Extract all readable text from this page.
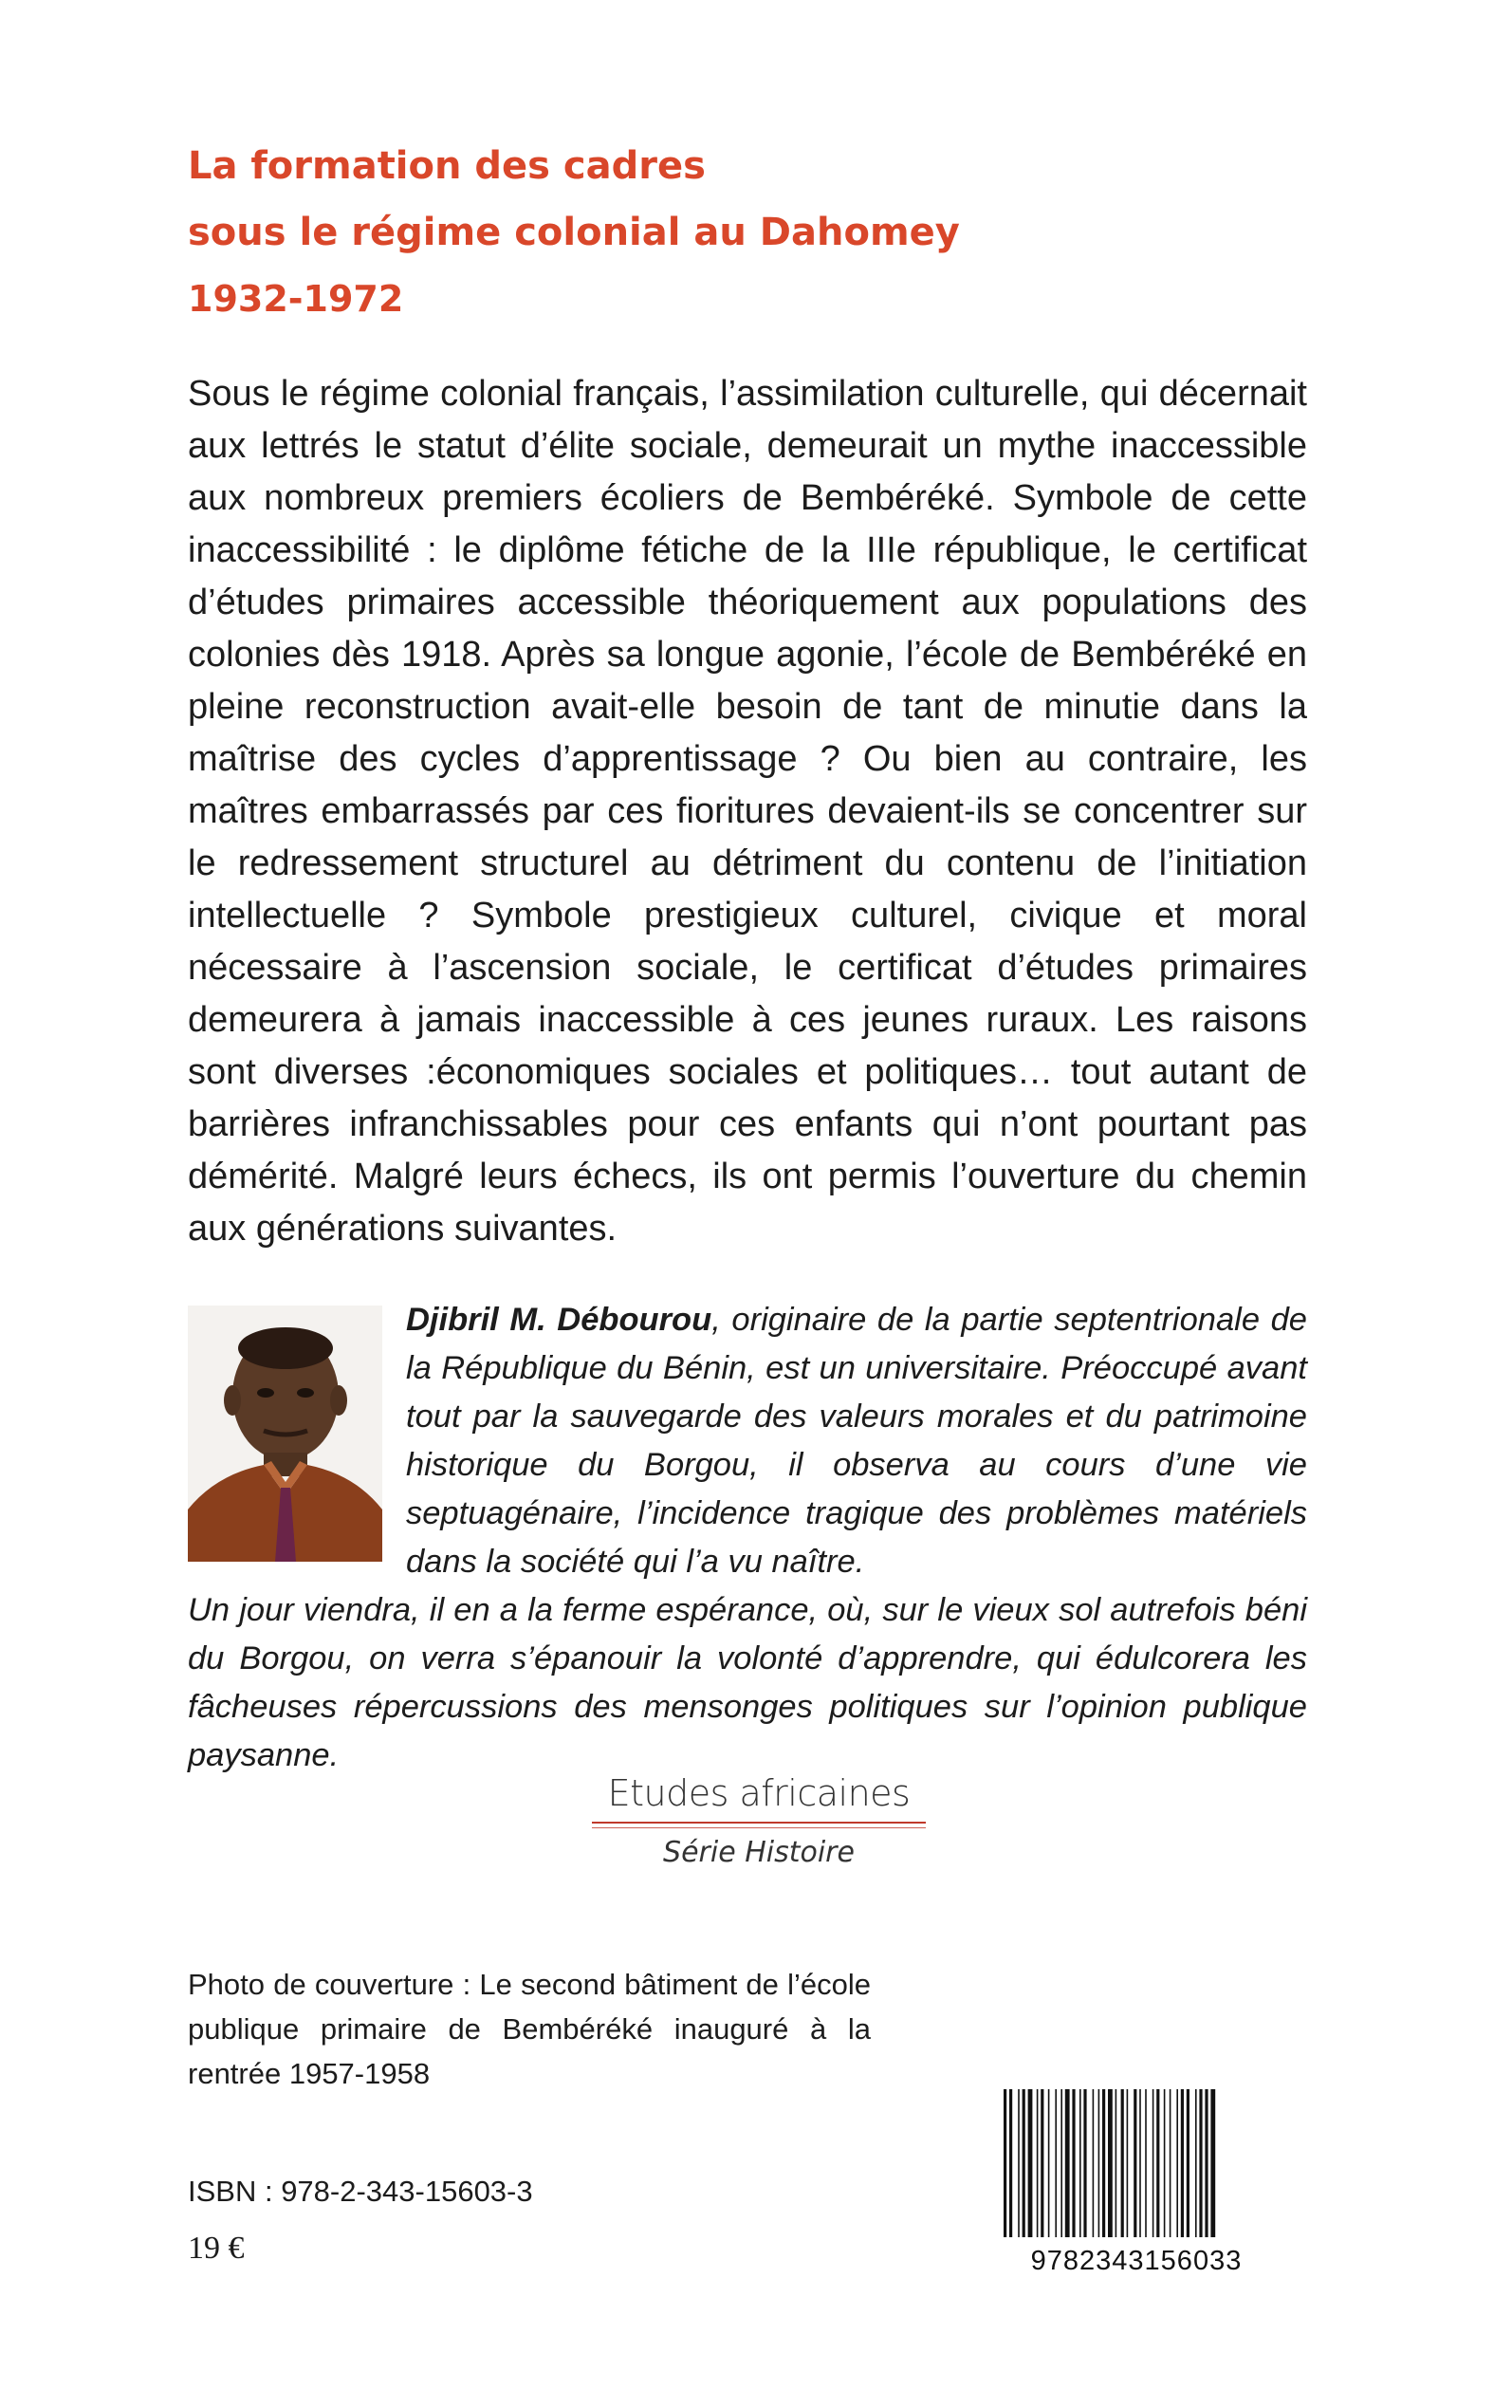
La formation des cadres
sous le régime colonial au Dahomey
1932-1972
Sous le régime colonial français, l’assimilation culturelle, qui décernait aux lettrés le statut d’élite sociale, demeurait un mythe inaccessible aux nombreux premiers écoliers de Bembéréké. Symbole de cette inaccessibilité : le diplôme fétiche de la IIIe république, le certificat d’études primaires accessible théoriquement aux populations des colonies dès 1918. Après sa longue agonie, l’école de Bembéréké en pleine reconstruction avait-elle besoin de tant de minutie dans la maîtrise des cycles d’apprentissage ? Ou bien au contraire, les maîtres embarrassés par ces fioritures devaient-ils se concentrer sur le redressement structurel au détriment du contenu de l’initiation intellectuelle ? Symbole prestigieux culturel, civique et moral nécessaire à l’ascension sociale, le certificat d’études primaires demeurera à jamais inaccessible à ces jeunes ruraux. Les raisons sont diverses :économiques sociales et politiques… tout autant de barrières infranchissables pour ces enfants qui n’ont pourtant pas démérité. Malgré leurs échecs, ils ont permis l’ouverture du chemin aux générations suivantes.
Djibril M. Débourou, originaire de la partie septentrionale de la République du Bénin, est un universitaire. Préoccupé avant tout par la sauvegarde des valeurs morales et du patrimoine historique du Borgou, il observa au cours d’une vie septuagénaire, l’incidence tragique des problèmes matériels dans la société qui l’a vu naître.
Un jour viendra, il en a la ferme espérance, où, sur le vieux sol autrefois béni du Borgou, on verra s’épanouir la volonté d’apprendre, qui édulcorera les fâcheuses répercussions des mensonges politiques sur l’opinion publique paysanne.
Etudes africaines
Série Histoire
Photo de couverture : Le second bâtiment de l’école publique primaire de Bembéréké inauguré à la rentrée 1957-1958
ISBN : 978-2-343-15603-3
19 €	9782343156033
